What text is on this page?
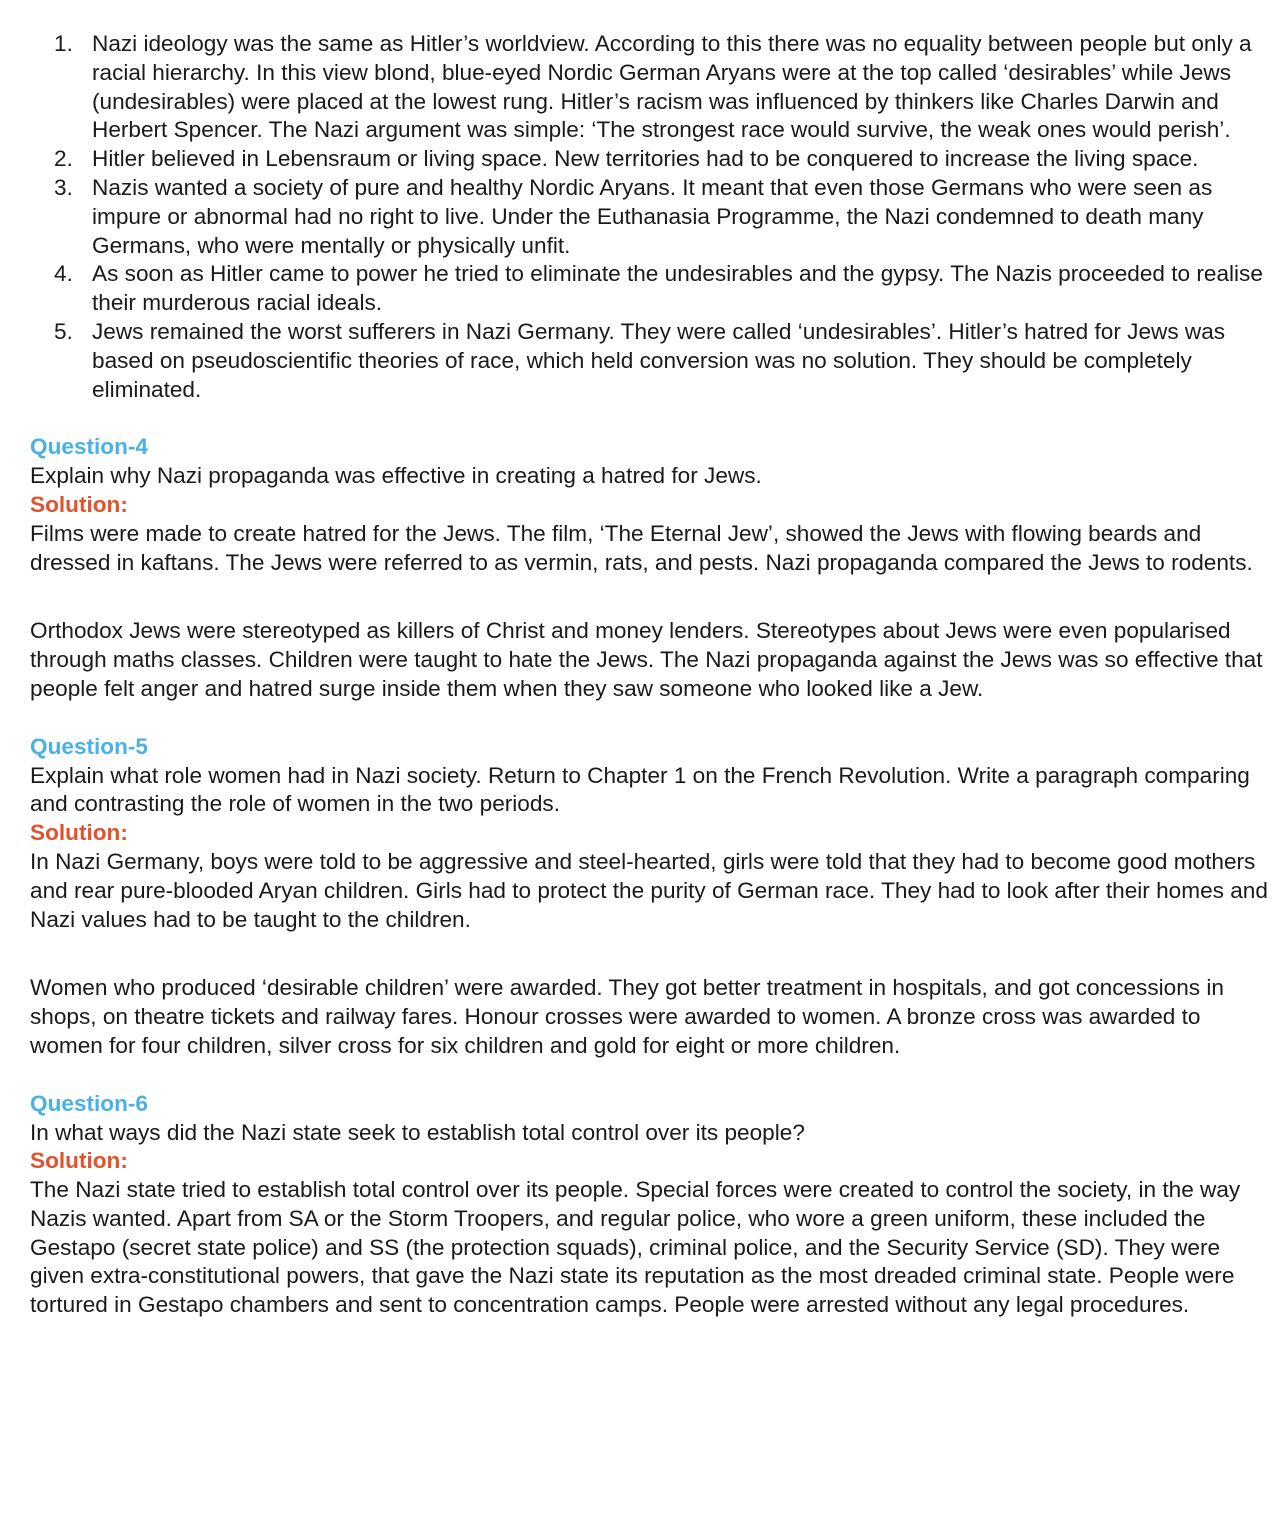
1. Nazi ideology was the same as Hitler’s worldview. According to this there was no equality between people but only a racial hierarchy. In this view blond, blue-eyed Nordic German Aryans were at the top called ‘desirables’ while Jews (undesirables) were placed at the lowest rung. Hitler’s racism was influenced by thinkers like Charles Darwin and Herbert Spencer. The Nazi argument was simple: ‘The strongest race would survive, the weak ones would perish’.
2. Hitler believed in Lebensraum or living space. New territories had to be conquered to increase the living space.
3. Nazis wanted a society of pure and healthy Nordic Aryans. It meant that even those Germans who were seen as impure or abnormal had no right to live. Under the Euthanasia Programme, the Nazi condemned to death many Germans, who were mentally or physically unfit.
4. As soon as Hitler came to power he tried to eliminate the undesirables and the gypsy. The Nazis proceeded to realise their murderous racial ideals.
5. Jews remained the worst sufferers in Nazi Germany. They were called ‘undesirables’. Hitler’s hatred for Jews was based on pseudoscientific theories of race, which held conversion was no solution. They should be completely eliminated.

Question-4

Explain why Nazi propaganda was effective in creating a hatred for Jews.

Solution:

Films were made to create hatred for the Jews. The film, ‘The Eternal Jew’, showed the Jews with flowing beards and dressed in kaftans. The Jews were referred to as vermin, rats, and pests. Nazi propaganda compared the Jews to rodents.

Orthodox Jews were stereotyped as killers of Christ and money lenders. Stereotypes about Jews were even popularised through maths classes. Children were taught to hate the Jews. The Nazi propaganda against the Jews was so effective that people felt anger and hatred surge inside them when they saw someone who looked like a Jew.

Question-5

Explain what role women had in Nazi society. Return to Chapter 1 on the French Revolution. Write a paragraph comparing and contrasting the role of women in the two periods.

Solution:

In Nazi Germany, boys were told to be aggressive and steel-hearted, girls were told that they had to become good mothers and rear pure-blooded Aryan children. Girls had to protect the purity of German race. They had to look after their homes and Nazi values had to be taught to the children.

Women who produced ‘desirable children’ were awarded. They got better treatment in hospitals, and got concessions in shops, on theatre tickets and railway fares. Honour crosses were awarded to women. A bronze cross was awarded to women for four children, silver cross for six children and gold for eight or more children.

Question-6

In what ways did the Nazi state seek to establish total control over its people?

Solution:

The Nazi state tried to establish total control over its people. Special forces were created to control the society, in the way Nazis wanted. Apart from SA or the Storm Troopers, and regular police, who wore a green uniform, these included the Gestapo (secret state police) and SS (the protection squads), criminal police, and the Security Service (SD). They were given extra-constitutional powers, that gave the Nazi state its reputation as the most dreaded criminal state. People were tortured in Gestapo chambers and sent to concentration camps. People were arrested without any legal procedures.
